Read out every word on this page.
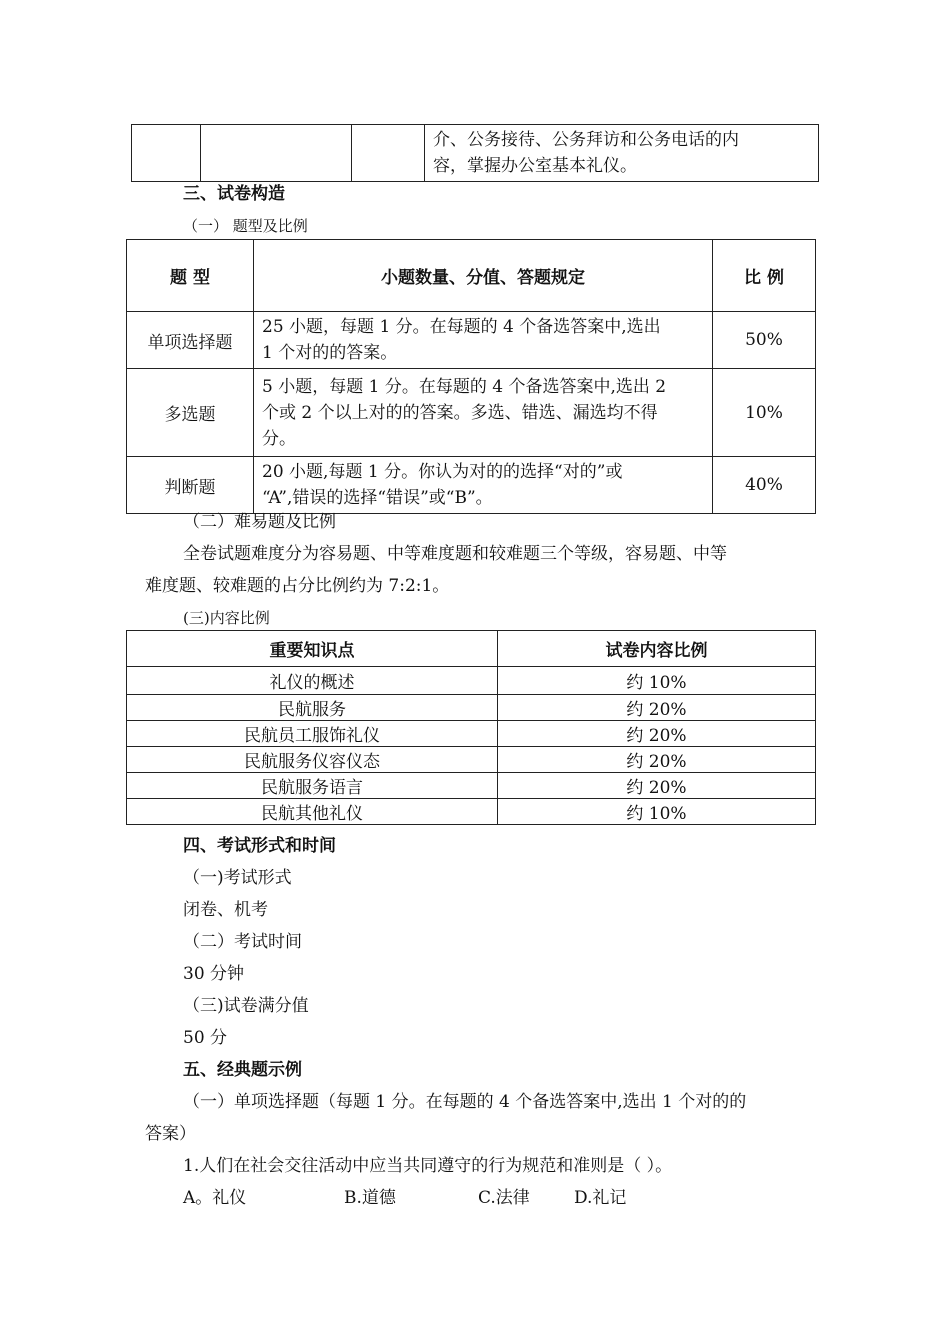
介、公务接待、公务拜访和公务电话的内
容，掌握办公室基本礼仪。
三、试卷构造
（一） 题型及比例
题 型	小题数量、分值、答题规定	比 例
单项选择题	25 小题，每题 1 分。在每题的 4 个备选答案中,选出
1 个对的的答案。	50%
多选题	5 小题，每题 1 分。在每题的 4 个备选答案中,选出 2
个或 2 个以上对的的答案。多选、错选、漏选均不得
分。	10%
判断题	20 小题,每题 1 分。你认为对的的选择“对的”或
“A”,错误的选择“错误”或“B”。	40%
（二）难易题及比例
全卷试题难度分为容易题、中等难度题和较难题三个等级，容易题、中等
难度题、较难题的占分比例约为 7:2:1。
(三)内容比例
重要知识点	试卷内容比例
礼仪的概述	约 10%
民航服务	约 20%
民航员工服饰礼仪	约 20%
民航服务仪容仪态	约 20%
民航服务语言	约 20%
民航其他礼仪	约 10%
四、考试形式和时间
（一)考试形式
闭卷、机考
（二）考试时间
30 分钟
（三)试卷满分值
50 分
五、经典题示例
（一）单项选择题（每题 1 分。在每题的 4 个备选答案中,选出 1 个对的的
答案）
1.人们在社会交往活动中应当共同遵守的行为规范和准则是（ ）。
A。礼仪	B.道德	C.法律	D.礼记
